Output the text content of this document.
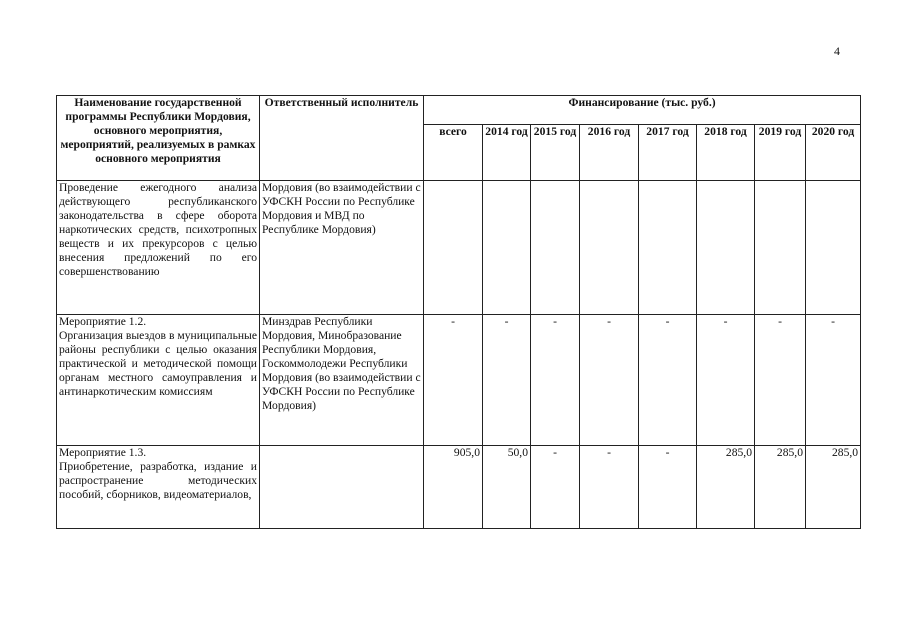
4
Наименование государственной программы Республики Мордовия, основного мероприятия, мероприятий, реализуемых в рамках основного мероприятия	Ответственный исполнитель	Финансирование (тыс. руб.)							
		всего	2014 год	2015 год	2016 год	2017 год	2018 год	2019 год	2020 год
Проведение ежегодного анализа действующего республиканского законодательства в сфере оборота наркотических средств, психотропных веществ и их прекурсоров с целью внесения предложений по его совершенствованию	Мордовия (во взаимодействии с УФСКН России по Республике Мордовия и МВД по Республике Мордовия)								

Мероприятие 1.2.
Организация выездов в муниципальные районы республики с целью оказания практической и методической помощи органам местного самоуправления и антинаркотическим комиссиям	Минздрав Республики Мордовия, Минобразование Республики Мордовия, Госкоммолодежи Республики Мордовия (во взаимодействии с УФСКН России по Республике Мордовия)	-	-	-	-	-	-	-	-

Мероприятие 1.3.
Приобретение, разработка, издание и распространение методических пособий, сборников, видеоматериалов,		905,0	50,0	-	-	-	285,0	285,0	285,0
